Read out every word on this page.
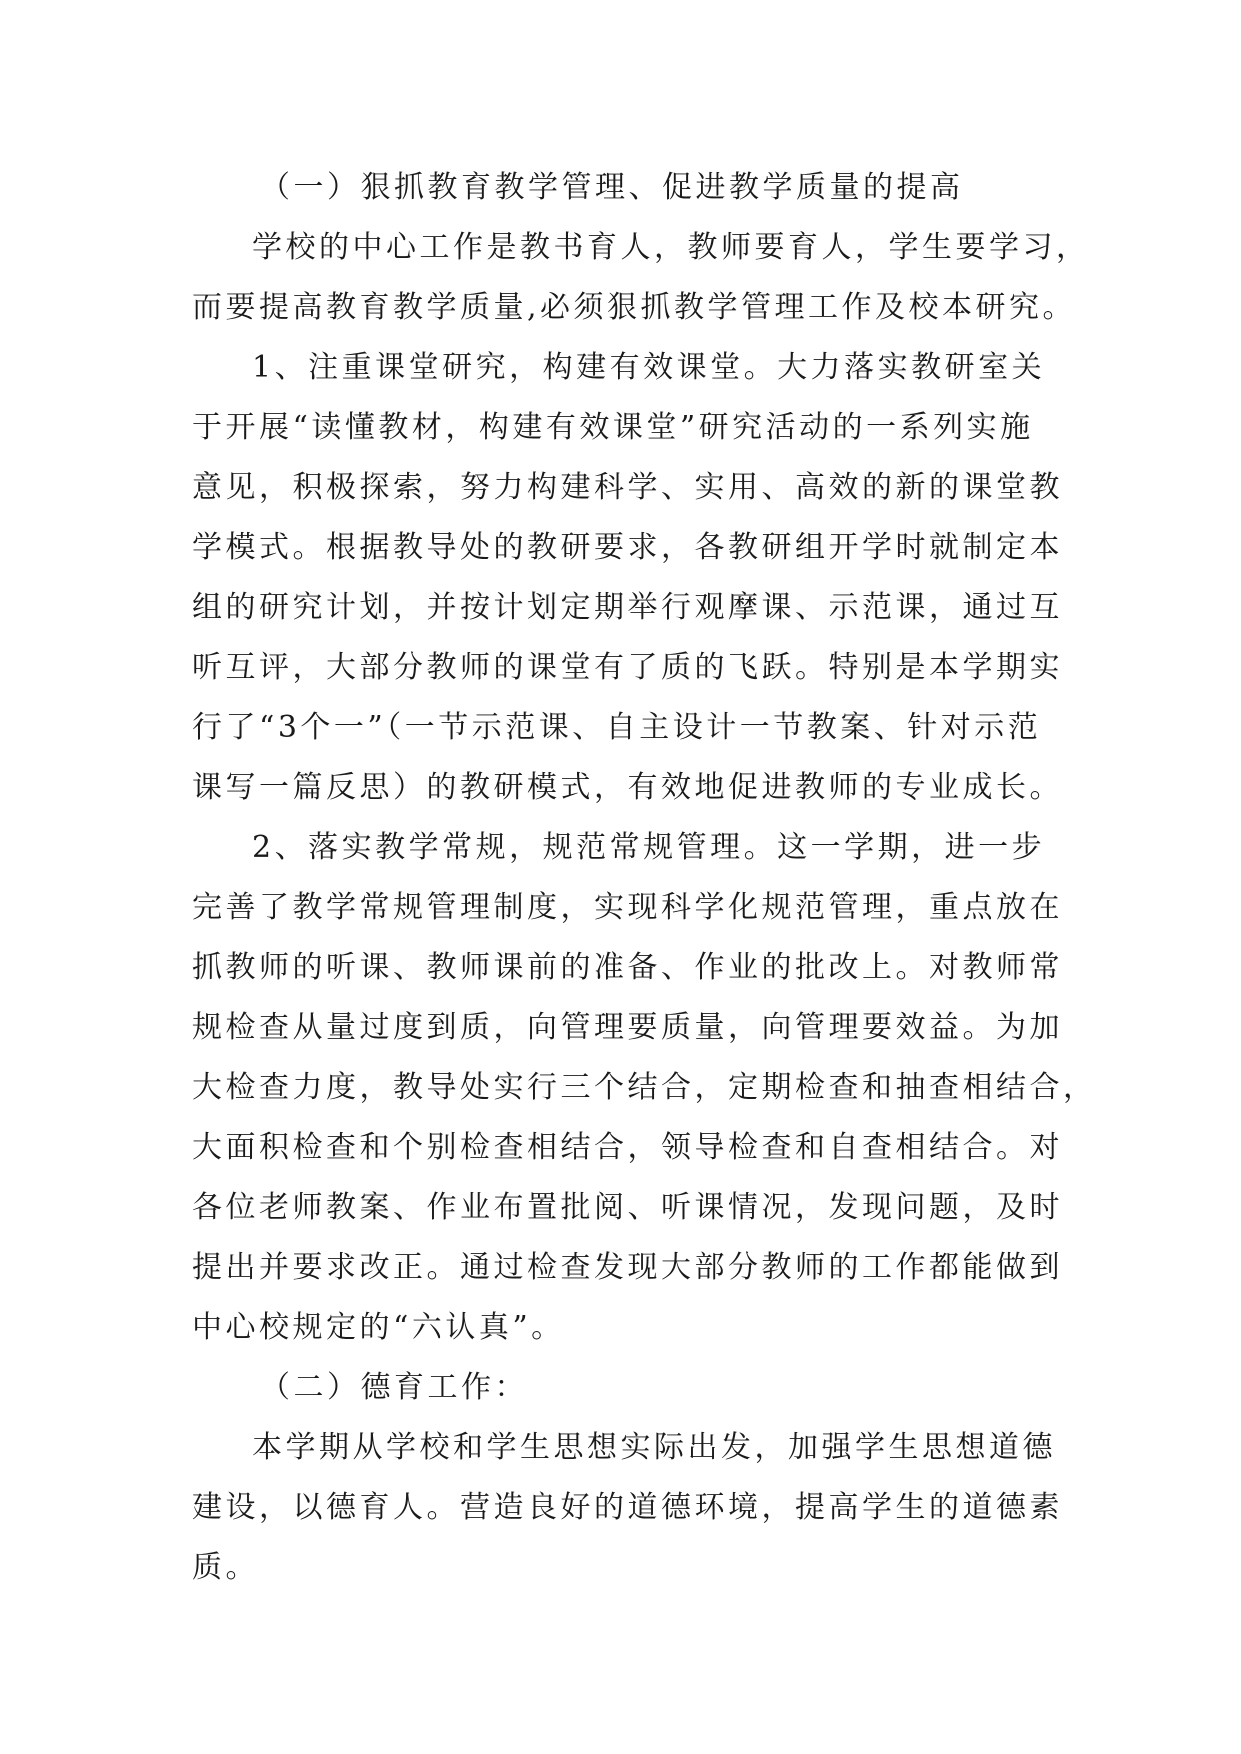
（一）狠抓教育教学管理、促进教学质量的提高
学校的中心工作是教书育人，教师要育人，学生要学习，
而要提高教育教学质量,必须狠抓教学管理工作及校本研究。
1、注重课堂研究，构建有效课堂。大力落实教研室关
于开展“读懂教材，构建有效课堂”研究活动的一系列实施
意见，积极探索，努力构建科学、实用、高效的新的课堂教
学模式。根据教导处的教研要求，各教研组开学时就制定本
组的研究计划，并按计划定期举行观摩课、示范课，通过互
听互评，大部分教师的课堂有了质的飞跃。特别是本学期实
行了“3个一”（一节示范课、自主设计一节教案、针对示范
课写一篇反思）的教研模式，有效地促进教师的专业成长。
2、落实教学常规，规范常规管理。这一学期，进一步
完善了教学常规管理制度，实现科学化规范管理，重点放在
抓教师的听课、教师课前的准备、作业的批改上。对教师常
规检查从量过度到质，向管理要质量，向管理要效益。为加
大检查力度，教导处实行三个结合，定期检查和抽查相结合，
大面积检查和个别检查相结合，领导检查和自查相结合。对
各位老师教案、作业布置批阅、听课情况，发现问题，及时
提出并要求改正。通过检查发现大部分教师的工作都能做到
中心校规定的“六认真”。
（二）德育工作：
本学期从学校和学生思想实际出发，加强学生思想道德
建设，以德育人。营造良好的道德环境，提高学生的道德素
质。
